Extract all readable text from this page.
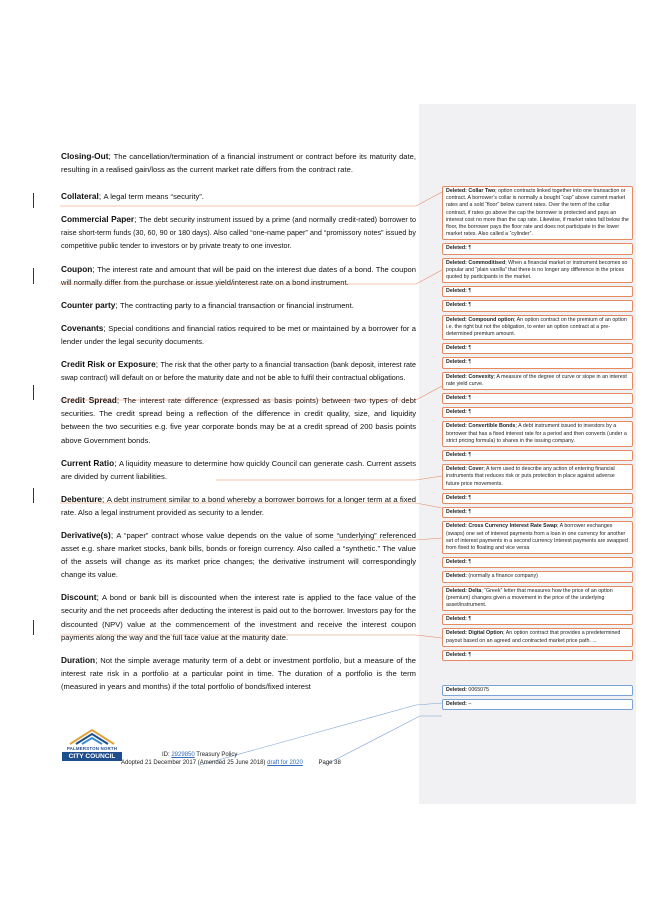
Closing-Out; The cancellation/termination of a financial instrument or contract before its maturity date, resulting in a realised gain/loss as the current market rate differs from the contract rate.
Collateral; A legal term means “security”.
Commercial Paper; The debt security instrument issued by a prime (and normally credit-rated) borrower to raise short-term funds (30, 60, 90 or 180 days). Also called “one-name paper” and “promissory notes” issued by competitive public tender to investors or by private treaty to one investor.
Coupon; The interest rate and amount that will be paid on the interest due dates of a bond. The coupon will normally differ from the purchase or issue yield/interest rate on a bond instrument.
Counter party; The contracting party to a financial transaction or financial instrument.
Covenants; Special conditions and financial ratios required to be met or maintained by a borrower for a lender under the legal security documents.
Credit Risk or Exposure; The risk that the other party to a financial transaction (bank deposit, interest rate swap contract) will default on or before the maturity date and not be able to fulfil their contractual obligations.
Credit Spread; The interest rate difference (expressed as basis points) between two types of debt securities. The credit spread being a reflection of the difference in credit quality, size, and liquidity between the two securities e.g. five year corporate bonds may be at a credit spread of 200 basis points above Government bonds.
Current Ratio; A liquidity measure to determine how quickly Council can generate cash. Current assets are divided by current liabilities.
Debenture; A debt instrument similar to a bond whereby a borrower borrows for a longer term at a fixed rate. Also a legal instrument provided as security to a lender.
Derivative(s); A “paper” contract whose value depends on the value of some “underlying” referenced asset e.g. share market stocks, bank bills, bonds or foreign currency. Also called a “synthetic.” The value of the assets will change as its market price changes; the derivative instrument will correspondingly change its value.
Discount; A bond or bank bill is discounted when the interest rate is applied to the face value of the security and the net proceeds after deducting the interest is paid out to the borrower. Investors pay for the discounted (NPV) value at the commencement of the investment and receive the interest coupon payments along the way and the full face value at the maturity date.
Duration; Not the simple average maturity term of a debt or investment portfolio, but a measure of the interest rate risk in a portfolio at a particular point in time. The duration of a portfolio is the term (measured in years and months) if the total portfolio of bonds/fixed interest
Deleted: Collar Two; option contracts linked together into one transaction or contract. A borrower’s collar is normally a bought “cap” above current market rates and a sold “floor” below current rates. Over the term of the collar contract, if rates go above the cap the borrower is protected and pays an interest cost no more than the cap rate. Likewise, if market rates fall below the floor, the borrower pays the floor rate and does not participate in the lower market rates. Also called a “cylinder”.
Deleted: ¶
Deleted: Commoditised; When a financial market or instrument becomes so popular and “plain vanilla” that there is no longer any difference in the prices quoted by participants in the market.
Deleted: ¶
Deleted: ¶
Deleted: Compound option; An option contract on the premium of an option i.e. the right but not the obligation, to enter an option contract at a pre-determined premium amount.
Deleted: ¶
Deleted: ¶
Deleted: Convexity; A measure of the degree of curve or slope in an interest rate yield curve.
Deleted: ¶
Deleted: ¶
Deleted: Convertible Bonds; A debt instrument issued to investors by a borrower that has a fixed interest rate for a period and then converts (under a strict pricing formula) to shares in the issuing company.
Deleted: ¶
Deleted: Cover; A term used to describe any action of entering financial instruments that reduces risk or puts protection in place against adverse future price movements.
Deleted: ¶
Deleted: ¶
Deleted: Cross Currency Interest Rate Swap; A borrower exchanges (swaps) one set of interest payments from a loan in one currency for another set of interest payments in a second currency Interest payments are swapped from fixed to floating and vice versa
Deleted: ¶
Deleted: (normally a finance company)
Deleted: Delta; “Greek” letter that measures how the price of an option (premium) changes given a movement in the price of the underlying asset/instrument.
Deleted: ¶
Deleted: Digital Option; An option contract that provides a predetermined payout based on an agreed and contracted market price path. ...
Deleted: ¶
Deleted: 0065075
Deleted: –
PALMERSTON NORTH
CITY COUNCIL	ID: 2929850 Treasury Policy
Adopted 21 December 2017 (Amended 25 June 2018) draft for 2020	Page 38
